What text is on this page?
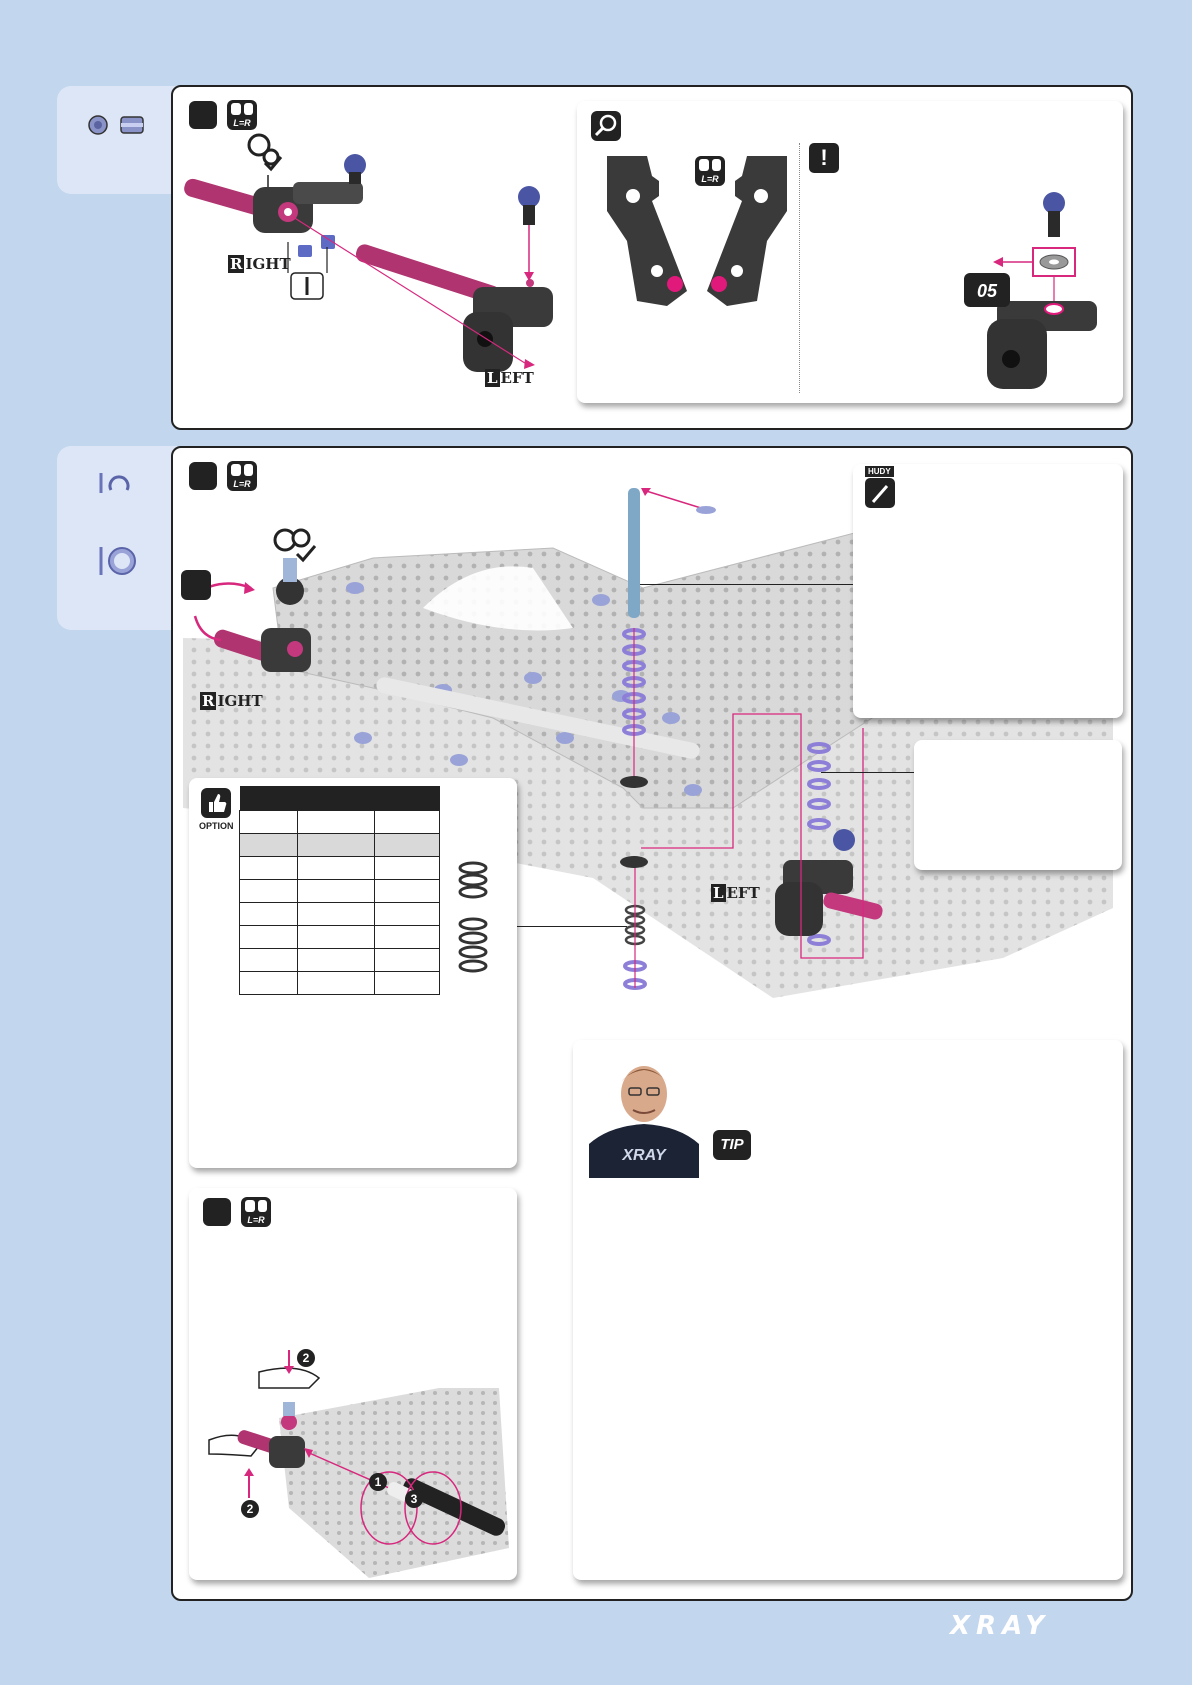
L=R
R IGHT
L EFT
L=R
!
05
L=R
R IGHT
L EFT
HUDY
OPTION

L=R
2
2
1
3
XRAY
TIP
XRAY
